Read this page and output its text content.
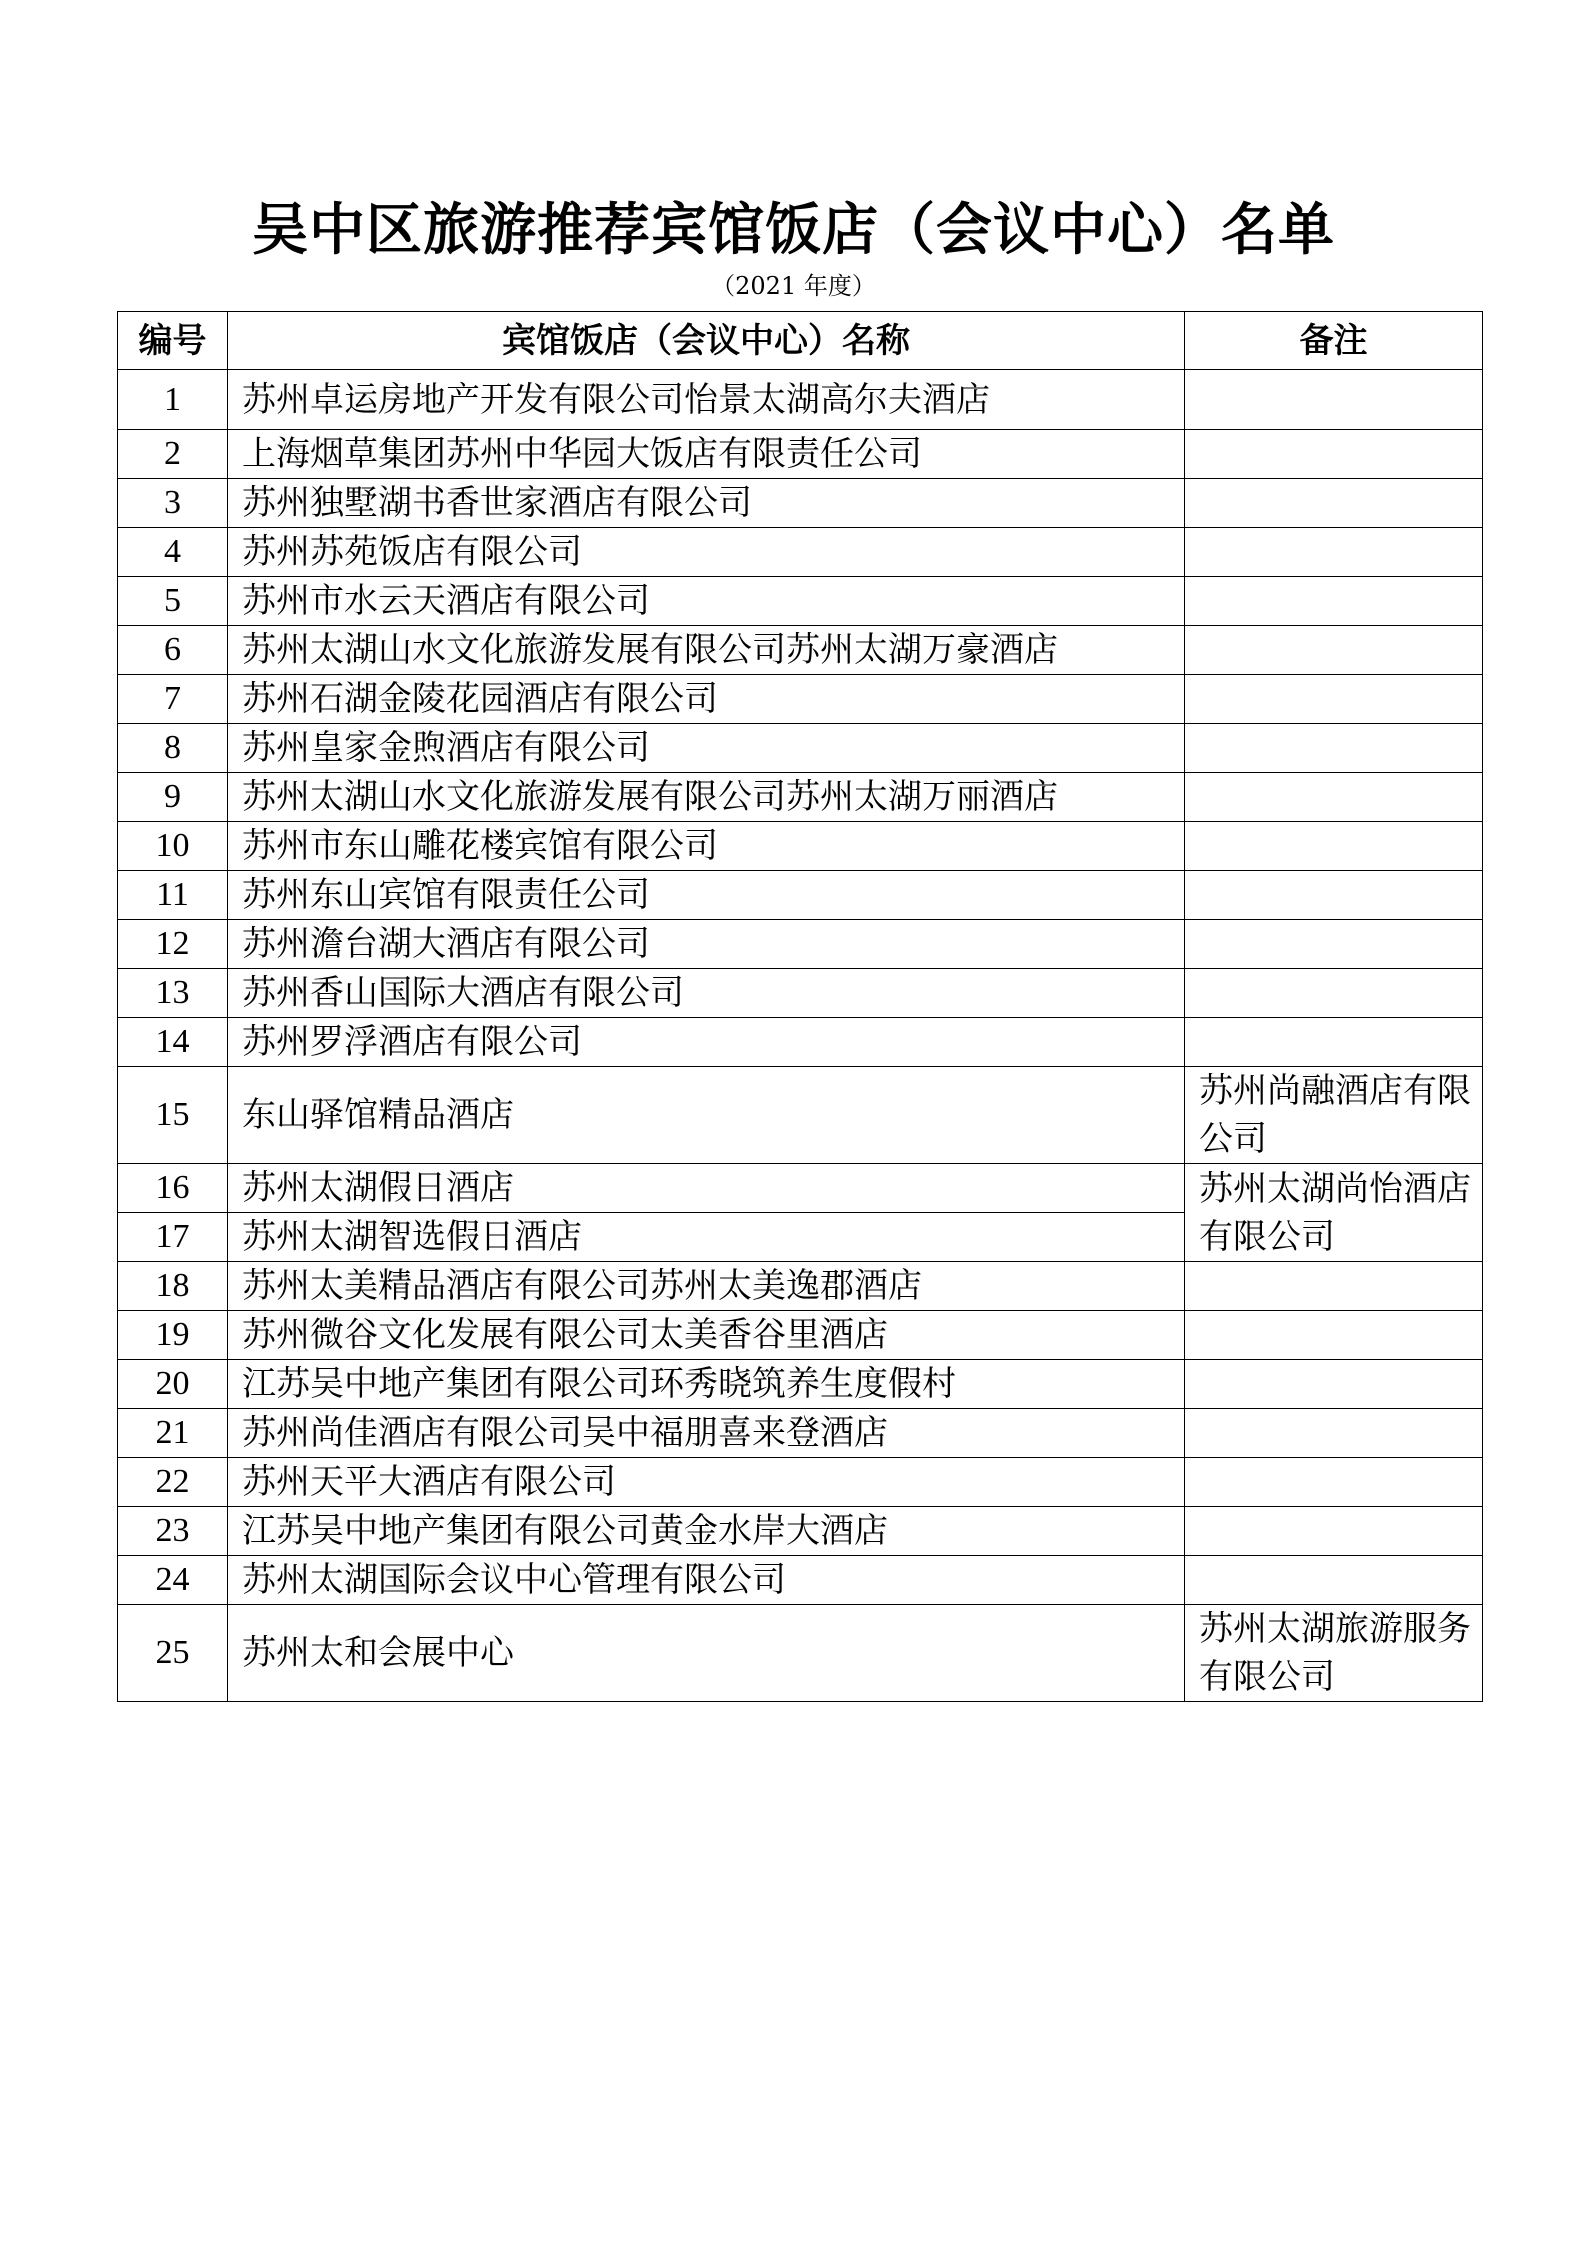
吴中区旅游推荐宾馆饭店（会议中心）名单
（2021 年度）
编号	宾馆饭店（会议中心）名称	备注
1	苏州卓运房地产开发有限公司怡景太湖高尔夫酒店	
2	上海烟草集团苏州中华园大饭店有限责任公司	
3	苏州独墅湖书香世家酒店有限公司	
4	苏州苏苑饭店有限公司	
5	苏州市水云天酒店有限公司	
6	苏州太湖山水文化旅游发展有限公司苏州太湖万豪酒店	
7	苏州石湖金陵花园酒店有限公司	
8	苏州皇家金煦酒店有限公司	
9	苏州太湖山水文化旅游发展有限公司苏州太湖万丽酒店	
10	苏州市东山雕花楼宾馆有限公司	
11	苏州东山宾馆有限责任公司	
12	苏州澹台湖大酒店有限公司	
13	苏州香山国际大酒店有限公司	
14	苏州罗浮酒店有限公司	
15	东山驿馆精品酒店	苏州尚融酒店有限公司
16	苏州太湖假日酒店	苏州太湖尚怡酒店有限公司
17	苏州太湖智选假日酒店	
18	苏州太美精品酒店有限公司苏州太美逸郡酒店	
19	苏州微谷文化发展有限公司太美香谷里酒店	
20	江苏吴中地产集团有限公司环秀晓筑养生度假村	
21	苏州尚佳酒店有限公司吴中福朋喜来登酒店	
22	苏州天平大酒店有限公司	
23	江苏吴中地产集团有限公司黄金水岸大酒店	
24	苏州太湖国际会议中心管理有限公司	
25	苏州太和会展中心	苏州太湖旅游服务有限公司
